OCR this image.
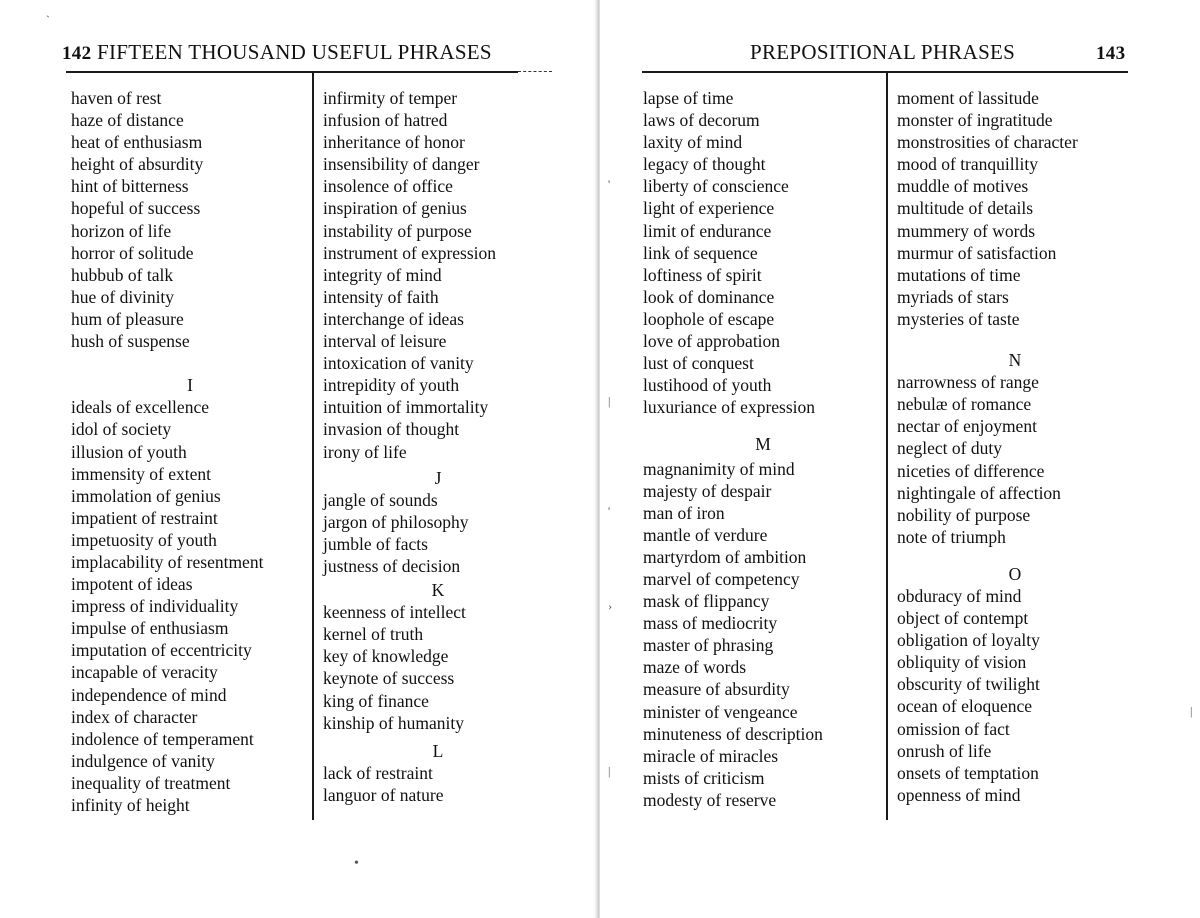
142 FIFTEEN THOUSAND USEFUL PHRASES
haven of rest
haze of distance
heat of enthusiasm
height of absurdity
hint of bitterness
hopeful of success
horizon of life
horror of solitude
hubbub of talk
hue of divinity
hum of pleasure
hush of suspense
I
ideals of excellence
idol of society
illusion of youth
immensity of extent
immolation of genius
impatient of restraint
impetuosity of youth
implacability of resentment
impotent of ideas
impress of individuality
impulse of enthusiasm
imputation of eccentricity
incapable of veracity
independence of mind
index of character
indolence of temperament
indulgence of vanity
inequality of treatment
infinity of height
infirmity of temper
infusion of hatred
inheritance of honor
insensibility of danger
insolence of office
inspiration of genius
instability of purpose
instrument of expression
integrity of mind
intensity of faith
interchange of ideas
interval of leisure
intoxication of vanity
intrepidity of youth
intuition of immortality
invasion of thought
irony of life
J
jangle of sounds
jargon of philosophy
jumble of facts
justness of decision
K
keenness of intellect
kernel of truth
key of knowledge
keynote of success
king of finance
kinship of humanity
L
lack of restraint
languor of nature
`
•
PREPOSITIONAL PHRASES	143
lapse of time
laws of decorum
laxity of mind
legacy of thought
liberty of conscience
light of experience
limit of endurance
link of sequence
loftiness of spirit
look of dominance
loophole of escape
love of approbation
lust of conquest
lustihood of youth
luxuriance of expression
M
magnanimity of mind
majesty of despair
man of iron
mantle of verdure
martyrdom of ambition
marvel of competency
mask of flippancy
mass of mediocrity
master of phrasing
maze of words
measure of absurdity
minister of vengeance
minuteness of description
miracle of miracles
mists of criticism
modesty of reserve
moment of lassitude
monster of ingratitude
monstrosities of character
mood of tranquillity
muddle of motives
multitude of details
mummery of words
murmur of satisfaction
mutations of time
myriads of stars
mysteries of taste
N
narrowness of range
nebulæ of romance
nectar of enjoyment
neglect of duty
niceties of difference
nightingale of affection
nobility of purpose
note of triumph
O
obduracy of mind
object of contempt
obligation of loyalty
obliquity of vision
obscurity of twilight
ocean of eloquence
omission of fact
onrush of life
onsets of temptation
openness of mind
'
|
'
›
|
|
